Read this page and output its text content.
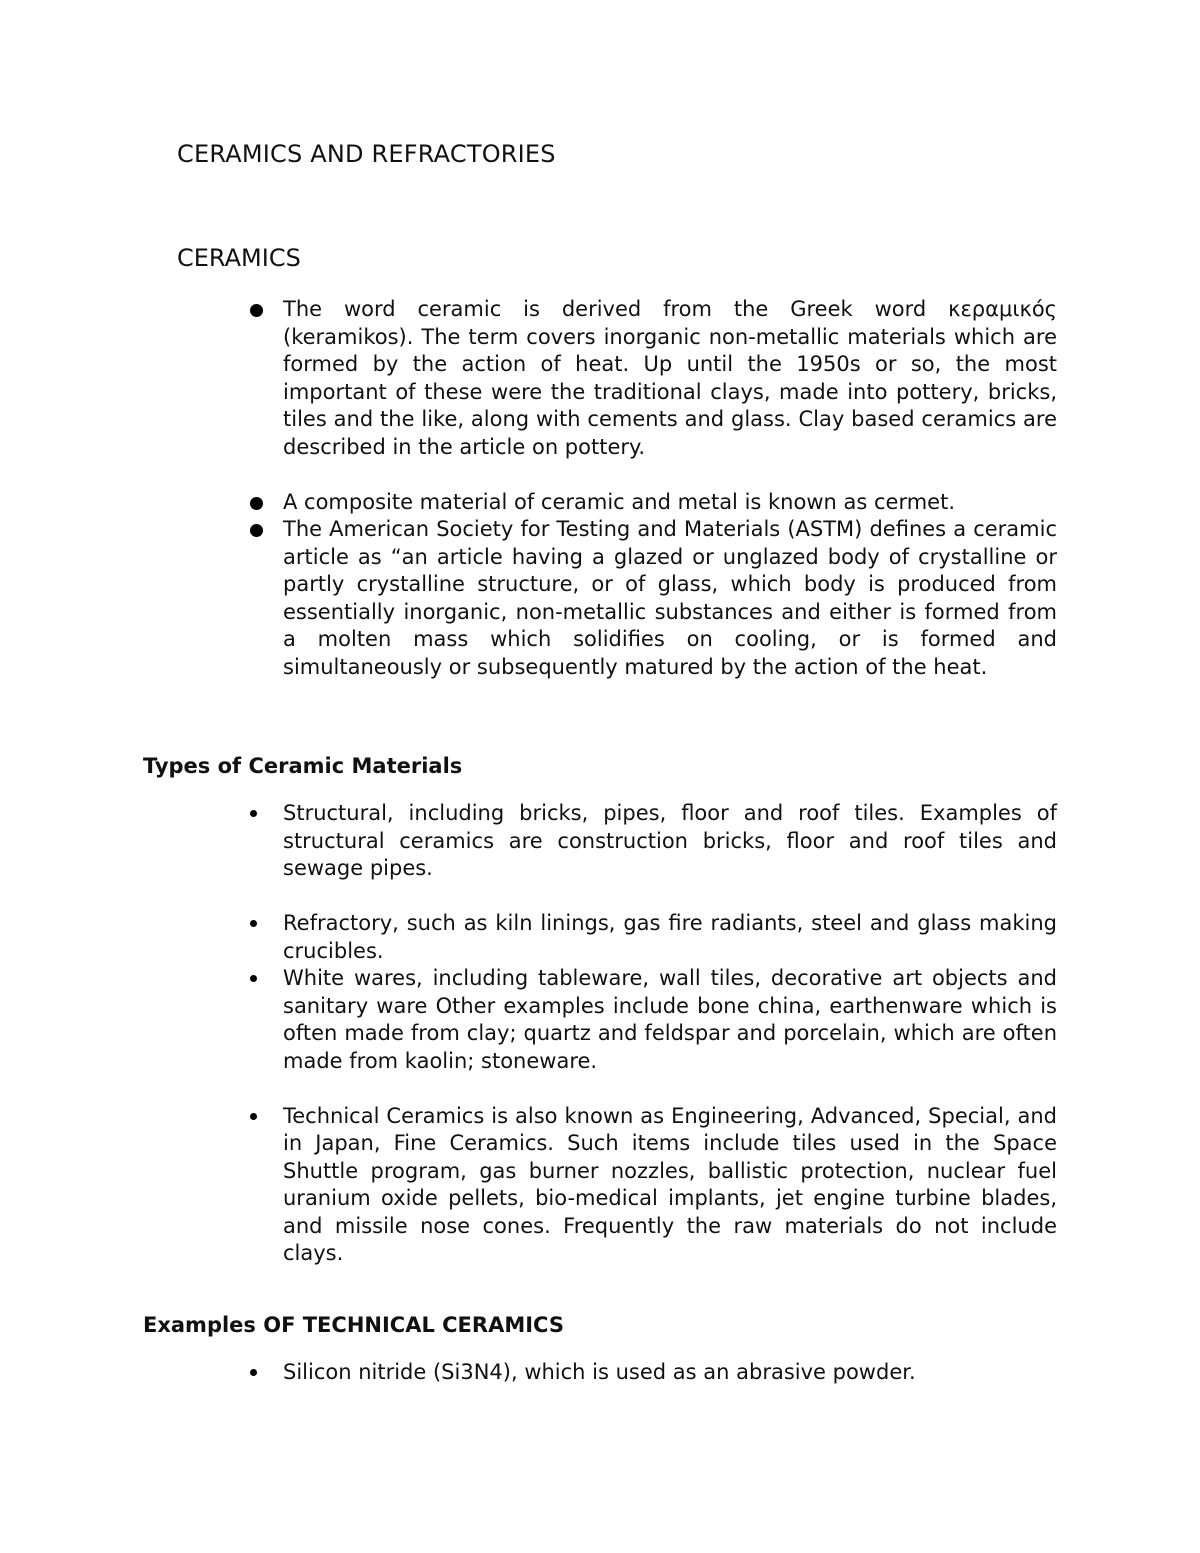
CERAMICS AND REFRACTORIES
CERAMICS
The word ceramic is derived from the Greek word κεραμικός (keramikos). The term covers inorganic non-metallic materials which are formed by the action of heat. Up until the 1950s or so, the most important of these were the traditional clays, made into pottery, bricks, tiles and the like, along with cements and glass. Clay based ceramics are described in the article on pottery.
A composite material of ceramic and metal is known as cermet.
The American Society for Testing and Materials (ASTM) defines a ceramic article as “an article having a glazed or unglazed body of crystalline or partly crystalline structure, or of glass, which body is produced from essentially inorganic, non-metallic substances and either is formed from a molten mass which solidifies on cooling, or is formed and simultaneously or subsequently matured by the action of the heat.
Types of Ceramic Materials
Structural, including bricks, pipes, floor and roof tiles. Examples of structural ceramics are construction bricks, floor and roof tiles and sewage pipes.
Refractory, such as kiln linings, gas fire radiants, steel and glass making crucibles.
White wares, including tableware, wall tiles, decorative art objects and sanitary ware Other examples include bone china, earthenware which is often made from clay; quartz and feldspar and porcelain, which are often made from kaolin; stoneware.
Technical Ceramics is also known as Engineering, Advanced, Special, and in Japan, Fine Ceramics. Such items include tiles used in the Space Shuttle program, gas burner nozzles, ballistic protection, nuclear fuel uranium oxide pellets, bio-medical implants, jet engine turbine blades, and missile nose cones. Frequently the raw materials do not include clays.
Examples OF TECHNICAL CERAMICS
Silicon nitride (Si3N4), which is used as an abrasive powder.
